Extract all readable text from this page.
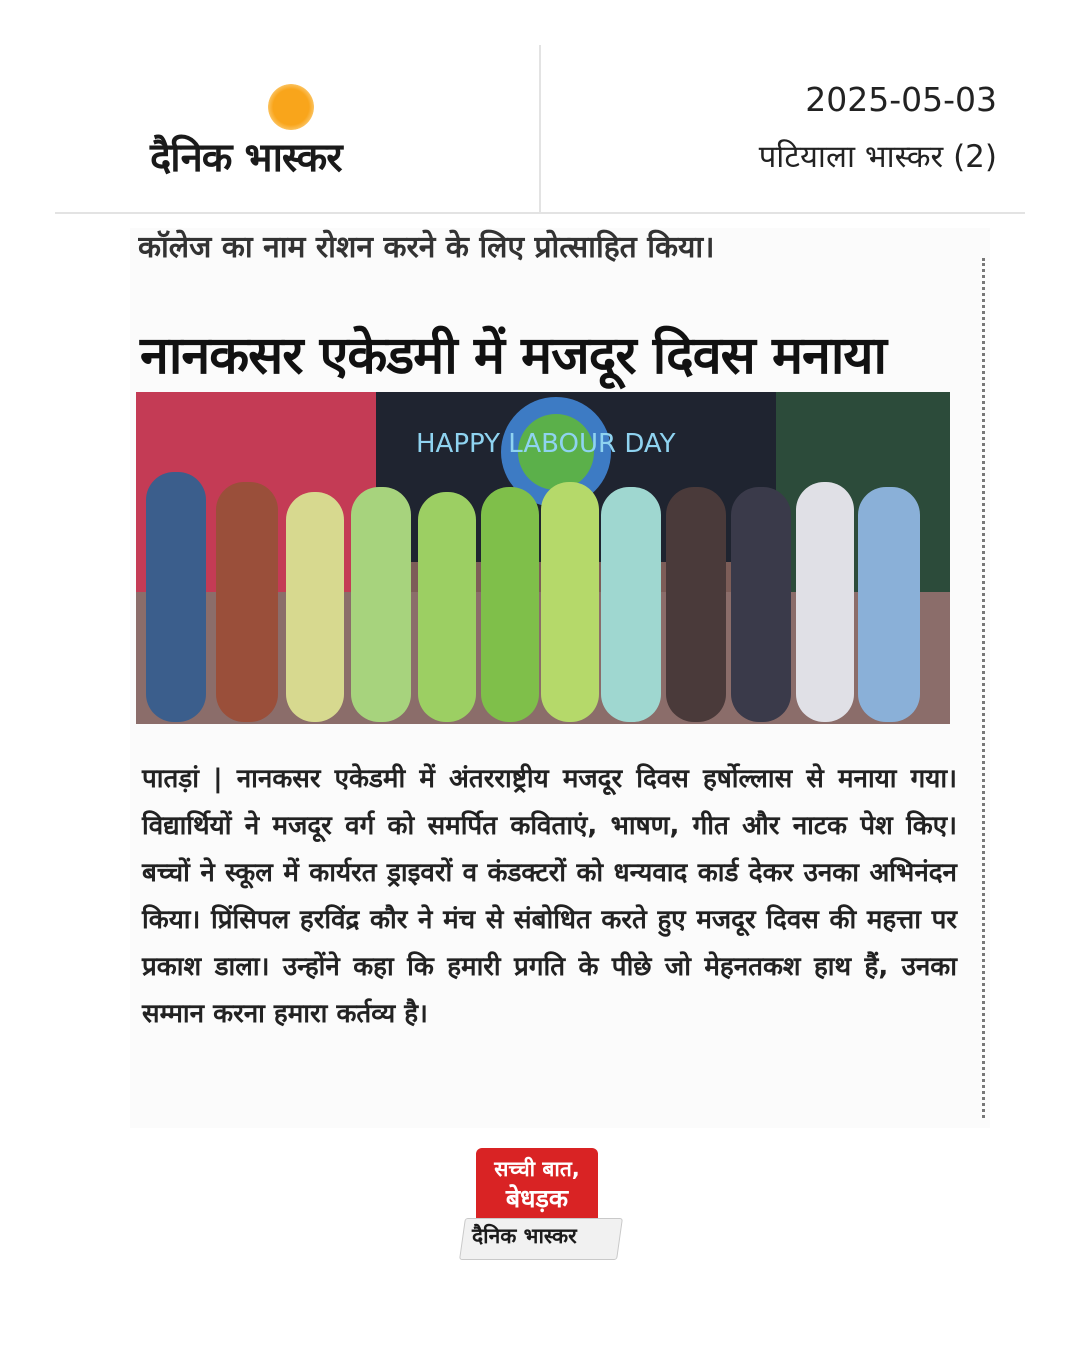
दैनिक भास्कर
2025-05-03
पटियाला भास्कर (2)
कॉलेज का नाम रोशन करने के लिए प्रोत्साहित किया।
नानकसर एकेडमी में मजदूर दिवस मनाया
HAPPY LABOUR DAY
पातड़ां | नानकसर एकेडमी में अंतरराष्ट्रीय मजदूर दिवस हर्षोल्लास से मनाया गया। विद्यार्थियों ने मजदूर वर्ग को समर्पित कविताएं, भाषण, गीत और नाटक पेश किए। बच्चों ने स्कूल में कार्यरत ड्राइवरों व कंडक्टरों को धन्यवाद कार्ड देकर उनका अभिनंदन किया। प्रिंसिपल हरविंद्र कौर ने मंच से संबोधित करते हुए मजदूर दिवस की महत्ता पर प्रकाश डाला। उन्होंने कहा कि हमारी प्रगति के पीछे जो मेहनतकश हाथ हैं, उनका सम्मान करना हमारा कर्तव्य है।
सच्ची बात,
बेधड़क
दैनिक भास्कर
